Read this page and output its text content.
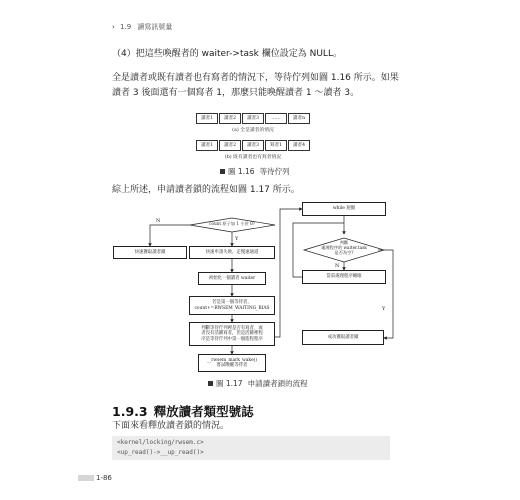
› 1.9 讀寫訊號量
（4）把這些喚醒者的 waiter->task 欄位設定為 NULL。
全是讀者或既有讀者也有寫者的情況下，等待佇列如圖 1.16 所示。如果
讀者 3 後面還有一個寫者 1，那麼只能喚醒讀者 1 ～讀者 3。
讀者1	讀者2	讀者3	……	讀者n
(a) 全是讀者的情況
讀者1	讀者2	讀者3	寫者1	讀者4
(b) 既有讀者也有寫者情況
圖 1.16 等待佇列
綜上所述，申請讀者鎖的流程如圖 1.17 所示。
count 原子加 1 小於 0?
N
Y
快速獲取讀者鎖	快速申請失敗，走慢速通道
初始化一個讀者 waiter
若是第一個等待者，
count+=RWSEM_WAITING_BIAS
判斷等待佇列裡是否有寫者，或
者沒有活躍寫者，但是活躍裡程
序是等待佇列中第一個進程程序
__rwsem_mark_wake()
嘗試喚醒等待者
while 迴圈
判斷
處理程序的 waiter.task
是否為空?
N
當前處理程序睡眠
Y
成功獲取讀者鎖
圖 1.17 申請讀者鎖的流程
1.9.3 釋放讀者類型號誌
下面來看釋放讀者鎖的情況。
<kernel/locking/rwsem.c>
<up_read()->__up_read()>
1-86
